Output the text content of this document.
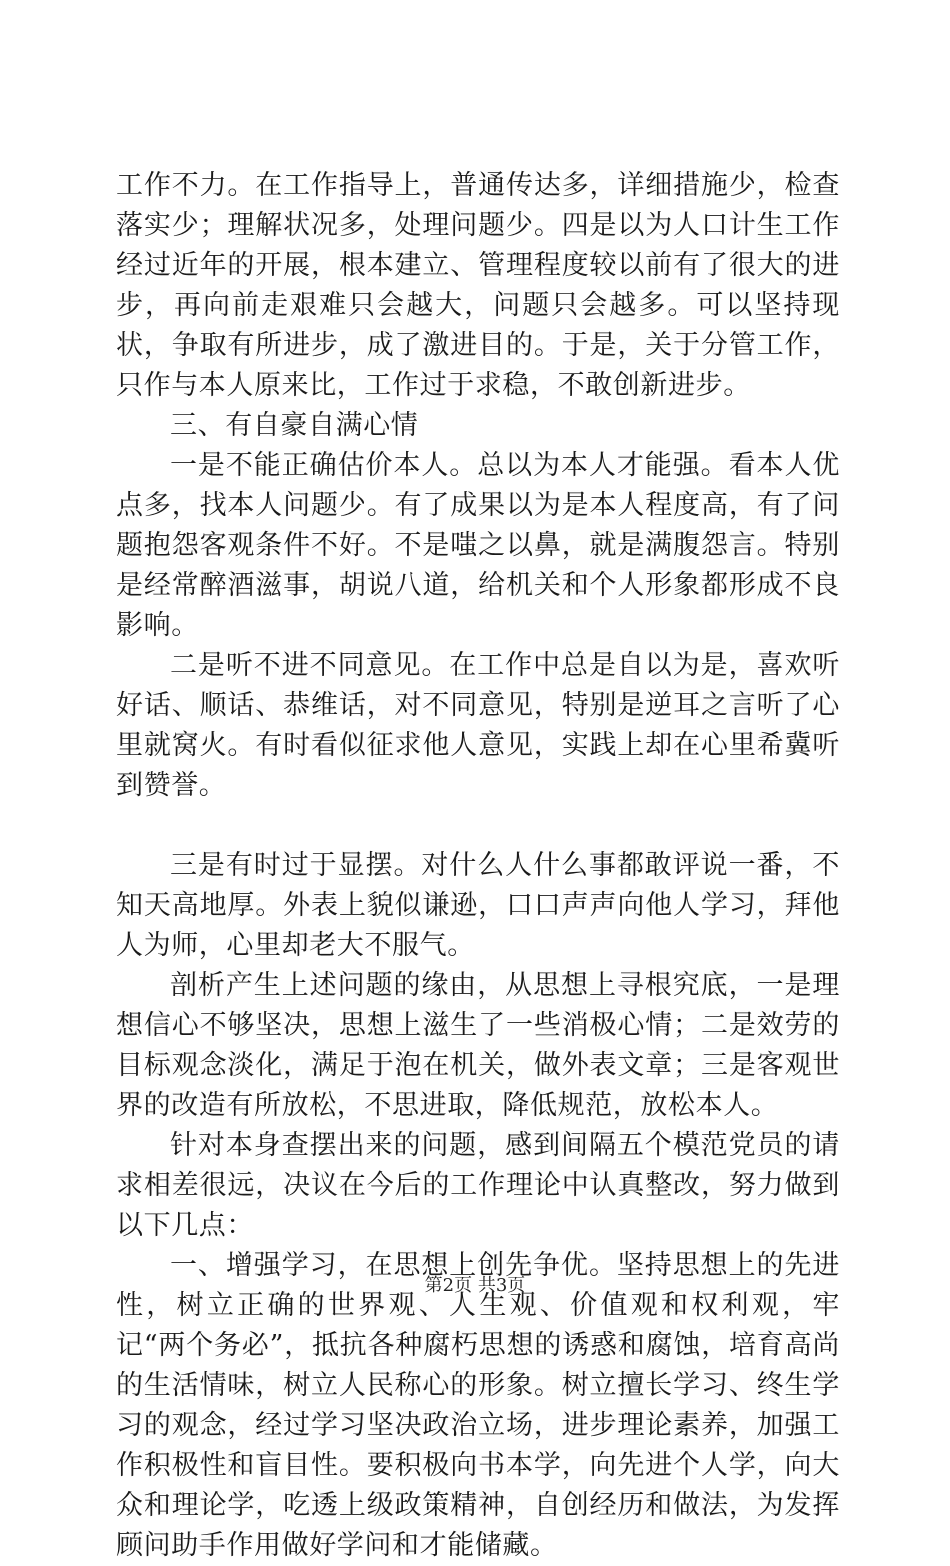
工作不力。在工作指导上，普通传达多，详细措施少，检查落实少；理解状况多，处理问题少。四是以为人口计生工作经过近年的开展，根本建立、管理程度较以前有了很大的进步，再向前走艰难只会越大，问题只会越多。可以坚持现状，争取有所进步，成了激进目的。于是，关于分管工作，只作与本人原来比，工作过于求稳，不敢创新进步。

三、有自豪自满心情

一是不能正确估价本人。总以为本人才能强。看本人优点多，找本人问题少。有了成果以为是本人程度高，有了问题抱怨客观条件不好。不是嗤之以鼻，就是满腹怨言。特别是经常醉酒滋事，胡说八道，给机关和个人形象都形成不良影响。

二是听不进不同意见。在工作中总是自以为是，喜欢听好话、顺话、恭维话，对不同意见，特别是逆耳之言听了心里就窝火。有时看似征求他人意见，实践上却在心里希冀听到赞誉。

三是有时过于显摆。对什么人什么事都敢评说一番，不知天高地厚。外表上貌似谦逊，口口声声向他人学习，拜他人为师，心里却老大不服气。

剖析产生上述问题的缘由，从思想上寻根究底，一是理想信心不够坚决，思想上滋生了一些消极心情；二是效劳的目标观念淡化，满足于泡在机关，做外表文章；三是客观世界的改造有所放松，不思进取，降低规范，放松本人。

针对本身查摆出来的问题，感到间隔五个模范党员的请求相差很远，决议在今后的工作理论中认真整改，努力做到以下几点：

一、增强学习，在思想上创先争优。坚持思想上的先进性，树立正确的世界观、人生观、价值观和权利观，牢记“两个务必”，抵抗各种腐朽思想的诱惑和腐蚀，培育高尚的生活情味，树立人民称心的形象。树立擅长学习、终生学习的观念，经过学习坚决政治立场，进步理论素养，加强工作积极性和盲目性。要积极向书本学，向先进个人学，向大众和理论学，吃透上级政策精神，自创经历和做法，为发挥顾问助手作用做好学问和才能储藏。

第2页 共3页
